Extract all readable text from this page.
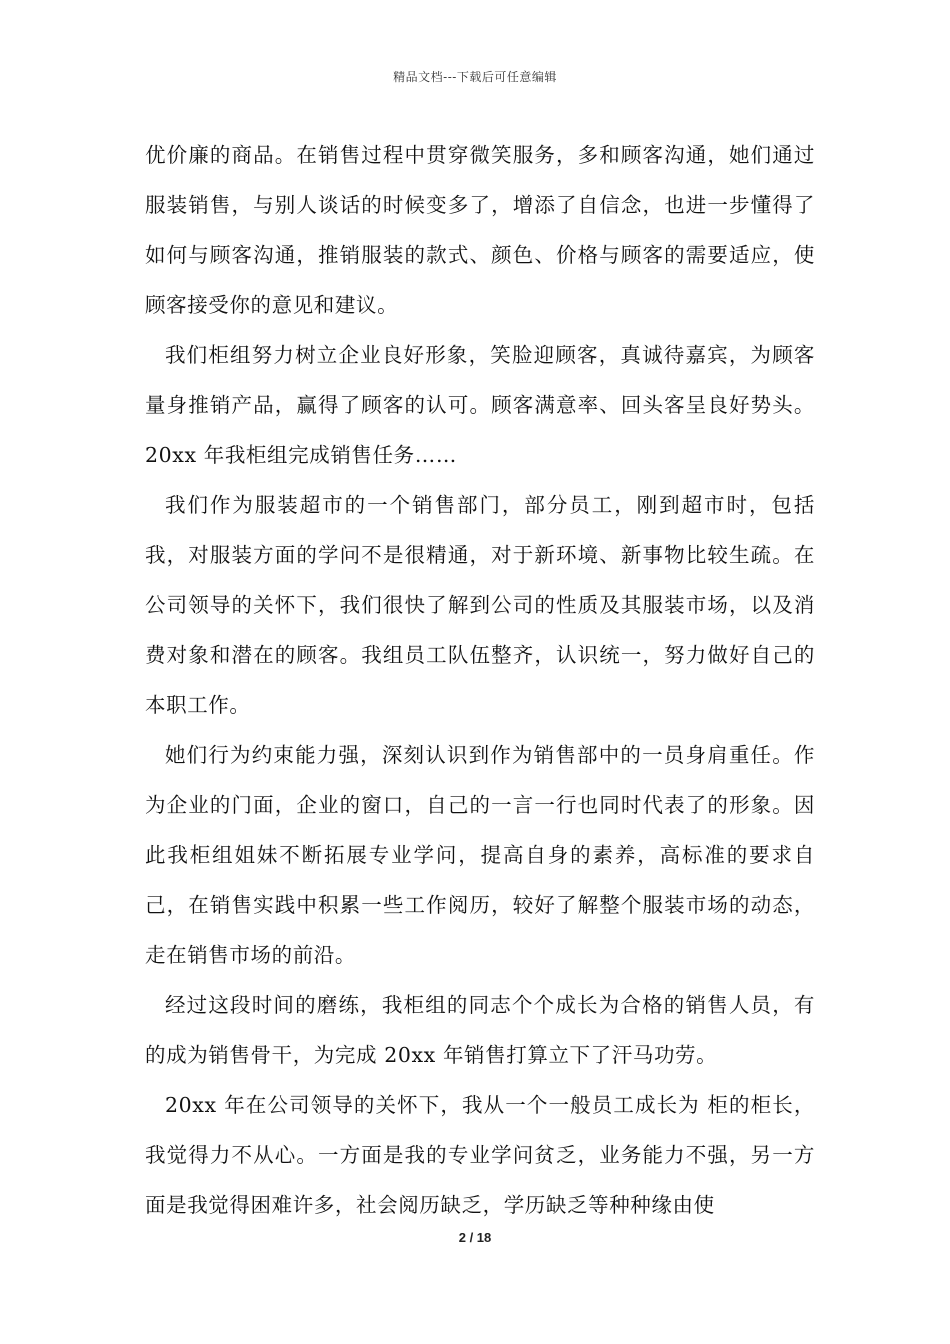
精品文档---下载后可任意编辑

优价廉的商品。在销售过程中贯穿微笑服务，多和顾客沟通，她们通过服装销售，与别人谈话的时候变多了，增添了自信念，也进一步懂得了如何与顾客沟通，推销服装的款式、颜色、价格与顾客的需要适应，使顾客接受你的意见和建议。

我们柜组努力树立企业良好形象，笑脸迎顾客，真诚待嘉宾，为顾客量身推销产品，赢得了顾客的认可。顾客满意率、回头客呈良好势头。20xx 年我柜组完成销售任务……

我们作为服装超市的一个销售部门，部分员工，刚到超市时，包括我，对服装方面的学问不是很精通，对于新环境、新事物比较生疏。在公司领导的关怀下，我们很快了解到公司的性质及其服装市场，以及消费对象和潜在的顾客。我组员工队伍整齐，认识统一，努力做好自己的本职工作。

她们行为约束能力强，深刻认识到作为销售部中的一员身肩重任。作为企业的门面，企业的窗口，自己的一言一行也同时代表了的形象。因此我柜组姐妹不断拓展专业学问，提高自身的素养，高标准的要求自己，在销售实践中积累一些工作阅历，较好了解整个服装市场的动态，走在销售市场的前沿。

经过这段时间的磨练，我柜组的同志个个成长为合格的销售人员，有的成为销售骨干，为完成 20xx 年销售打算立下了汗马功劳。

20xx 年在公司领导的关怀下，我从一个一般员工成长为 柜的柜长，我觉得力不从心。一方面是我的专业学问贫乏，业务能力不强，另一方面是我觉得困难许多，社会阅历缺乏，学历缺乏等种种缘由使

2 / 18
